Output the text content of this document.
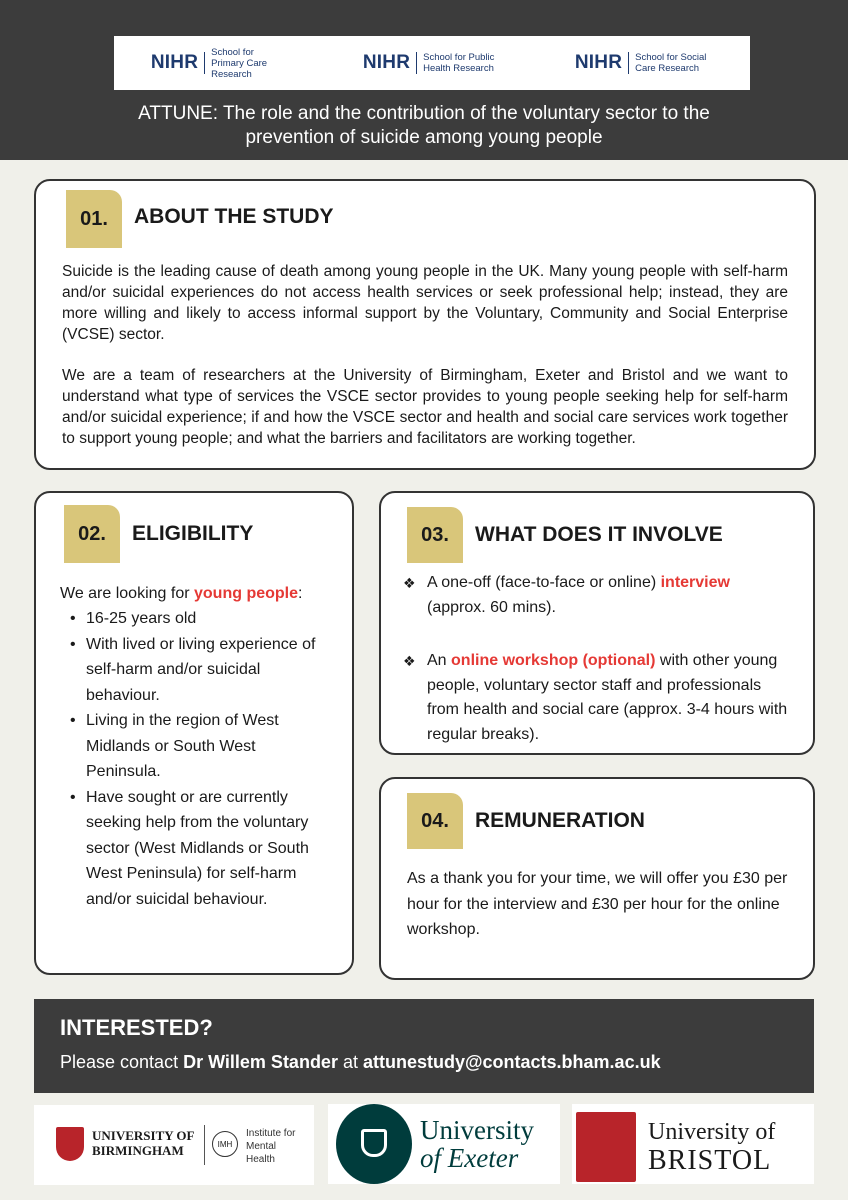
NIHR School for Primary Care Research
NIHR School for Public Health Research	NIHR School for Social Care Research
ATTUNE: The role and the contribution of the voluntary sector to the
prevention of suicide among young people
01.	ABOUT THE STUDY
Suicide is the leading cause of death among young people in the UK. Many young people with self-harm and/or suicidal experiences do not access health services or seek professional help; instead, they are more willing and likely to access informal support by the Voluntary, Community and Social Enterprise (VCSE) sector.
We are a team of researchers at the University of Birmingham, Exeter and Bristol and we want to understand what type of services the VSCE sector provides to young people seeking help for self-harm and/or suicidal experience; if and how the VSCE sector and health and social care services work together to support young people; and what the barriers and facilitators are working together.
02.	ELIGIBILITY
We are looking for young people:
• 16-25 years old
• With lived or living experience of self-harm and/or suicidal behaviour.
• Living in the region of West Midlands or South West Peninsula.
• Have sought or are currently seeking help from the voluntary sector (West Midlands or South West Peninsula) for self-harm and/or suicidal behaviour.
03.	WHAT DOES IT INVOLVE
❖ A one-off (face-to-face or online) interview (approx. 60 mins).
❖ An online workshop (optional) with other young people, voluntary sector staff and professionals from health and social care (approx. 3-4 hours with regular breaks).
04.	REMUNERATION
As a thank you for your time, we will offer you £30 per hour for the interview and £30 per hour for the online workshop.
INTERESTED?
Please contact Dr Willem Stander at attunestudy@contacts.bham.ac.uk
UNIVERSITY OF
BIRMINGHAM	IMH
Institute for Mental Health
University
of Exeter
University of
BRISTOL
